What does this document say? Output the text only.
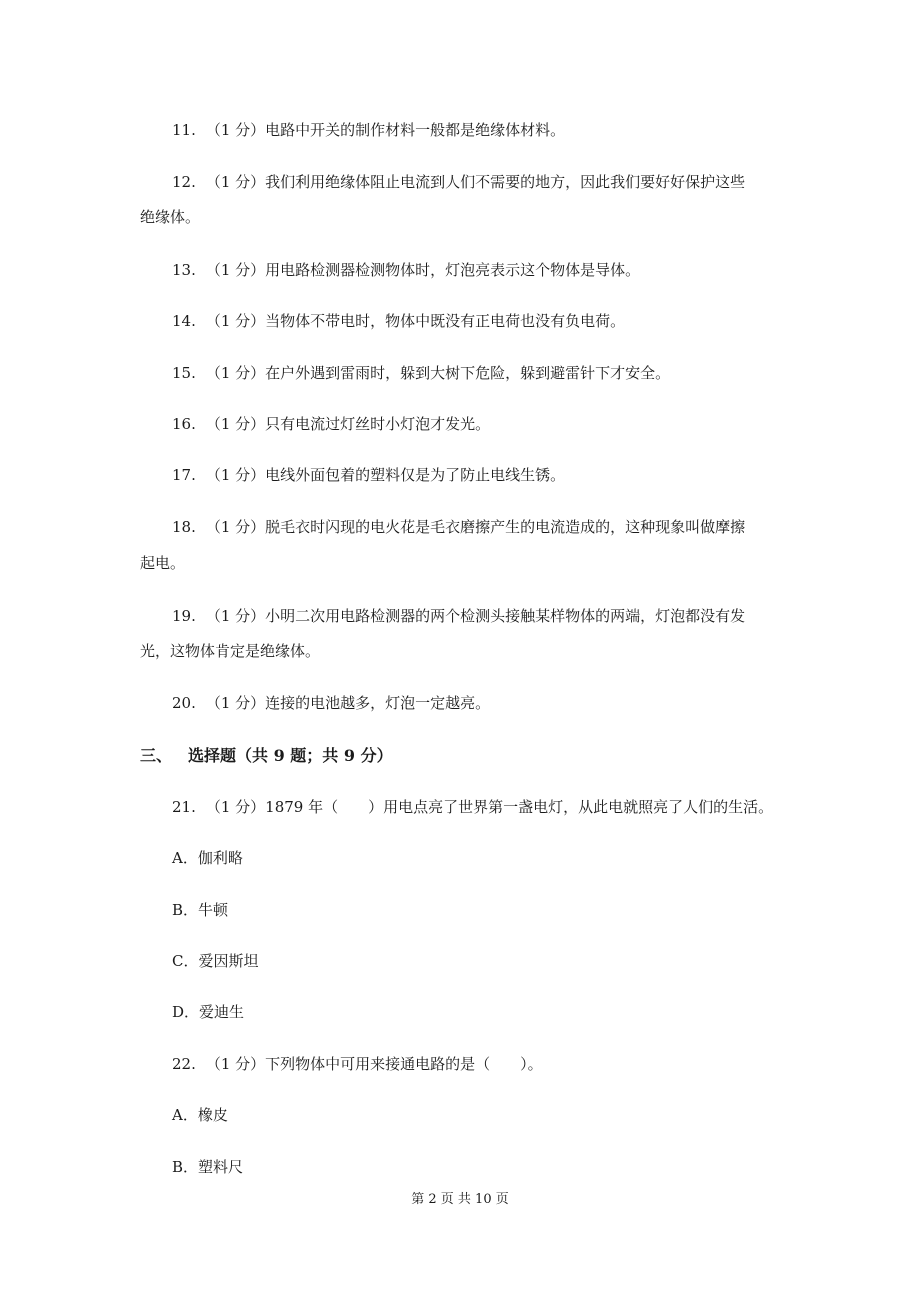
11. （1 分）电路中开关的制作材料一般都是绝缘体材料。
12. （1 分）我们利用绝缘体阻止电流到人们不需要的地方，因此我们要好好保护这些
绝缘体。
13. （1 分）用电路检测器检测物体时，灯泡亮表示这个物体是导体。
14. （1 分）当物体不带电时，物体中既没有正电荷也没有负电荷。
15. （1 分）在户外遇到雷雨时，躲到大树下危险，躲到避雷针下才安全。
16. （1 分）只有电流过灯丝时小灯泡才发光。
17. （1 分）电线外面包着的塑料仅是为了防止电线生锈。
18. （1 分）脱毛衣时闪现的电火花是毛衣磨擦产生的电流造成的，这种现象叫做摩擦
起电。
19. （1 分）小明二次用电路检测器的两个检测头接触某样物体的两端，灯泡都没有发
光，这物体肯定是绝缘体。
20. （1 分）连接的电池越多，灯泡一定越亮。
三、 选择题（共 9 题；共 9 分）
21. （1 分）1879 年（　　）用电点亮了世界第一盏电灯，从此电就照亮了人们的生活。
A．伽利略
B．牛顿
C．爱因斯坦
D．爱迪生
22. （1 分）下列物体中可用来接通电路的是（　　）。
A．橡皮
B．塑料尺
第 2 页 共 10 页
